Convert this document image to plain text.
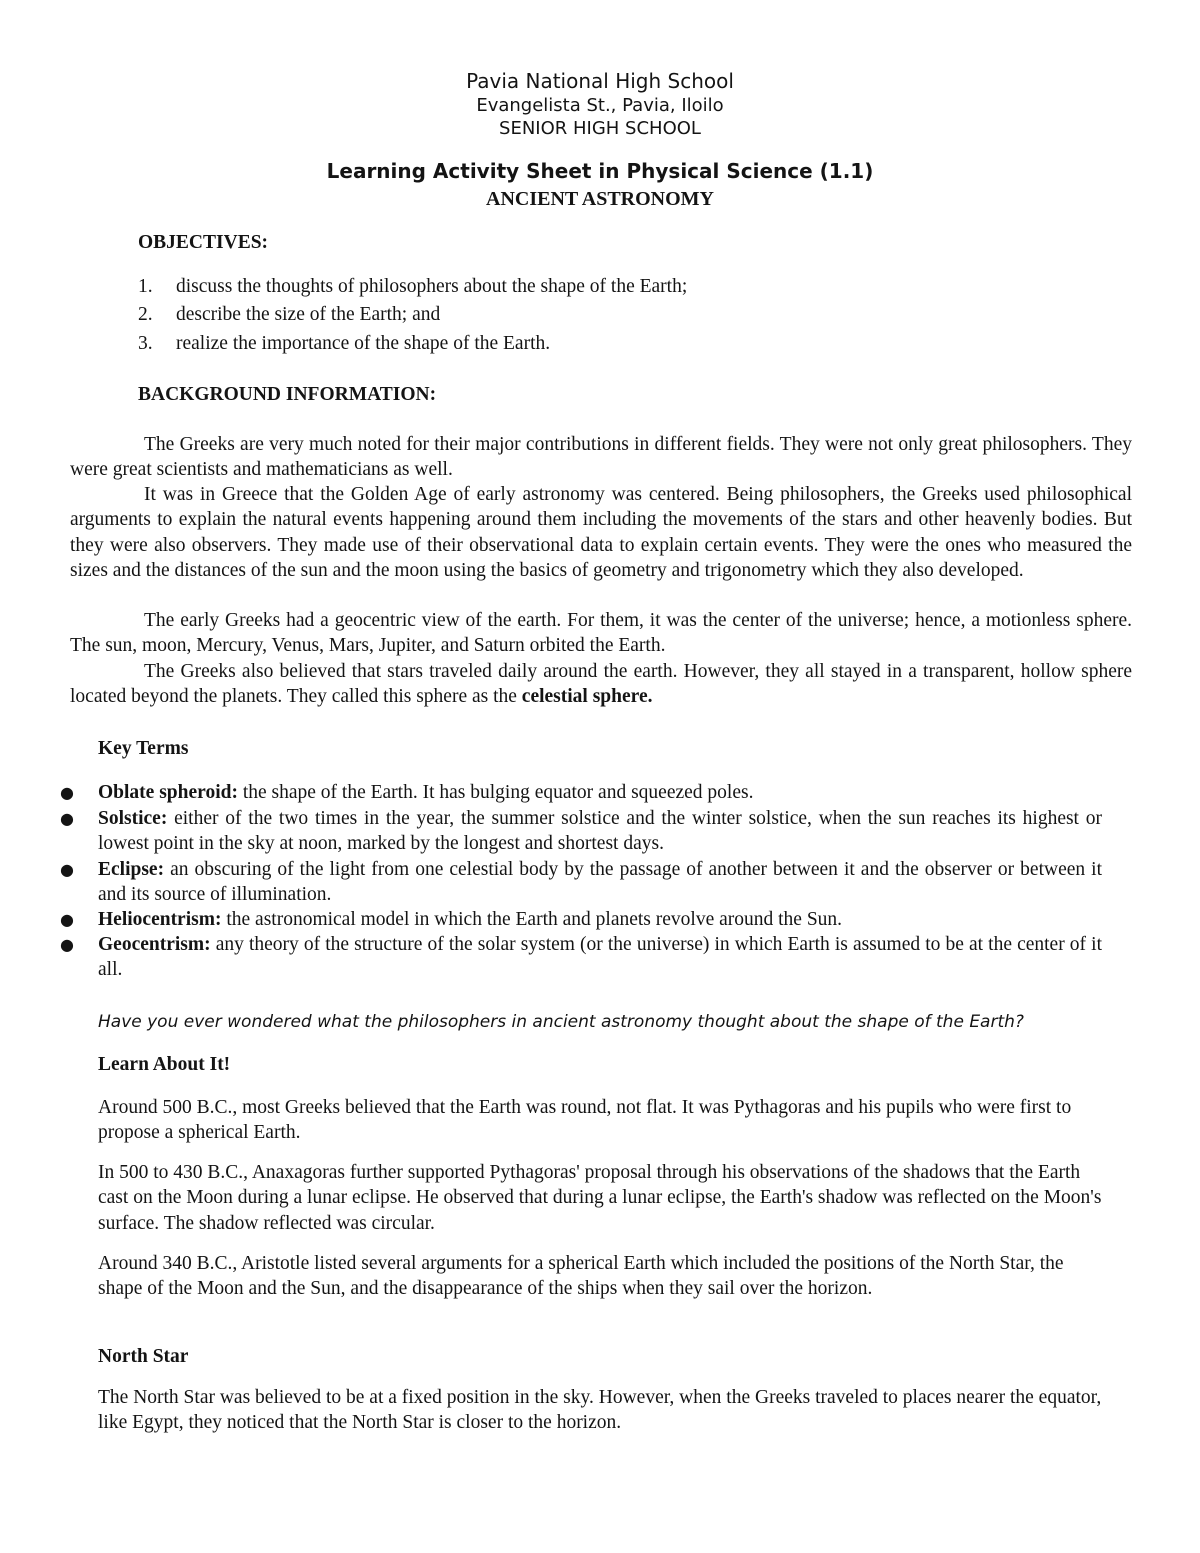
Pavia National High School

Evangelista St., Pavia, Iloilo

SENIOR HIGH SCHOOL

Learning Activity Sheet in Physical Science (1.1)
ANCIENT ASTRONOMY

OBJECTIVES:

1. discuss the thoughts of philosophers about the shape of the Earth;
2. describe the size of the Earth; and
3. realize the importance of the shape of the Earth.

BACKGROUND INFORMATION:

The Greeks are very much noted for their major contributions in different fields. They were not only great philosophers. They were great scientists and mathematicians as well.

It was in Greece that the Golden Age of early astronomy was centered. Being philosophers, the Greeks used philosophical arguments to explain the natural events happening around them including the movements of the stars and other heavenly bodies. But they were also observers. They made use of their observational data to explain certain events. They were the ones who measured the sizes and the distances of the sun and the moon using the basics of geometry and trigonometry which they also developed.

The early Greeks had a geocentric view of the earth. For them, it was the center of the universe; hence, a motionless sphere. The sun, moon, Mercury, Venus, Mars, Jupiter, and Saturn orbited the Earth.

The Greeks also believed that stars traveled daily around the earth. However, they all stayed in a transparent, hollow sphere located beyond the planets. They called this sphere as the celestial sphere.

Key Terms

● Oblate spheroid: the shape of the Earth. It has bulging equator and squeezed poles.

● Solstice: either of the two times in the year, the summer solstice and the winter solstice, when the sun reaches its highest or lowest point in the sky at noon, marked by the longest and shortest days.

● Eclipse: an obscuring of the light from one celestial body by the passage of another between it and the observer or between it and its source of illumination.

● Heliocentrism: the astronomical model in which the Earth and planets revolve around the Sun.

● Geocentrism: any theory of the structure of the solar system (or the universe) in which Earth is assumed to be at the center of it all.

Have you ever wondered what the philosophers in ancient astronomy thought about the shape of the Earth?

Learn About It!

Around 500 B.C., most Greeks believed that the Earth was round, not flat. It was Pythagoras and his pupils who were first to propose a spherical Earth.

In 500 to 430 B.C., Anaxagoras further supported Pythagoras' proposal through his observations of the shadows that the Earth cast on the Moon during a lunar eclipse. He observed that during a lunar eclipse, the Earth's shadow was reflected on the Moon's surface. The shadow reflected was circular.

Around 340 B.C., Aristotle listed several arguments for a spherical Earth which included the positions of the North Star, the shape of the Moon and the Sun, and the disappearance of the ships when they sail over the horizon.

North Star

The North Star was believed to be at a fixed position in the sky. However, when the Greeks traveled to places nearer the equator, like Egypt, they noticed that the North Star is closer to the horizon.
